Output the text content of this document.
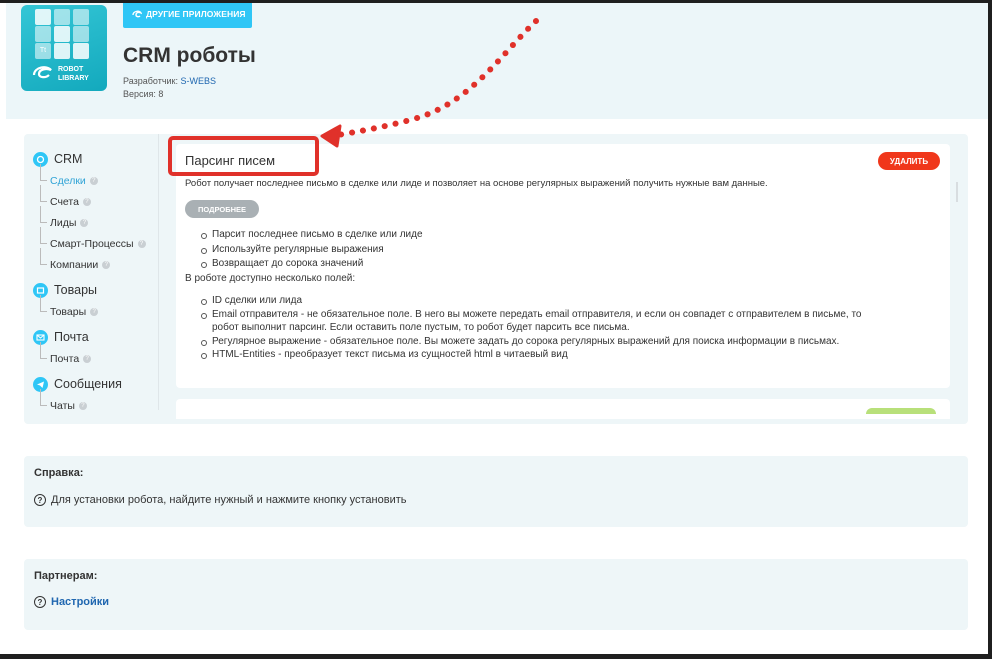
Tt
ROBOT
LIBRARY
ДРУГИЕ ПРИЛОЖЕНИЯ
CRM роботы
Разработчик: S-WEBS
Версия: 8
CRM
Сделки	?
Счета	?
Лиды	?
Смарт-Процессы	?
Компании	?
Товары
Товары	?
Почта
Почта	?
Сообщения
Чаты	?
Парсинг писем	УДАЛИТЬ
Робот получает последнее письмо в сделке или лиде и позволяет на основе регулярных выражений получить нужные вам данные.
ПОДРОБНЕЕ
Парсит последнее письмо в сделке или лиде
Используйте регулярные выражения
Возвращает до сорока значений
В роботе доступно несколько полей:
ID сделки или лида
Email отправителя - не обязательное поле. В него вы можете передать email отправителя, и если он совпадет с отправителем в письме, то робот выполнит парсинг. Если оставить поле пустым, то робот будет парсить все письма.
Регулярное выражение - обязательное поле. Вы можете задать до сорока регулярных выражений для поиска информации в письмах.
HTML-Entities - преобразует текст письма из сущностей html в читаевый вид
Справка:
? Для установки робота, найдите нужный и нажмите кнопку установить
Партнерам:
? Настройки
